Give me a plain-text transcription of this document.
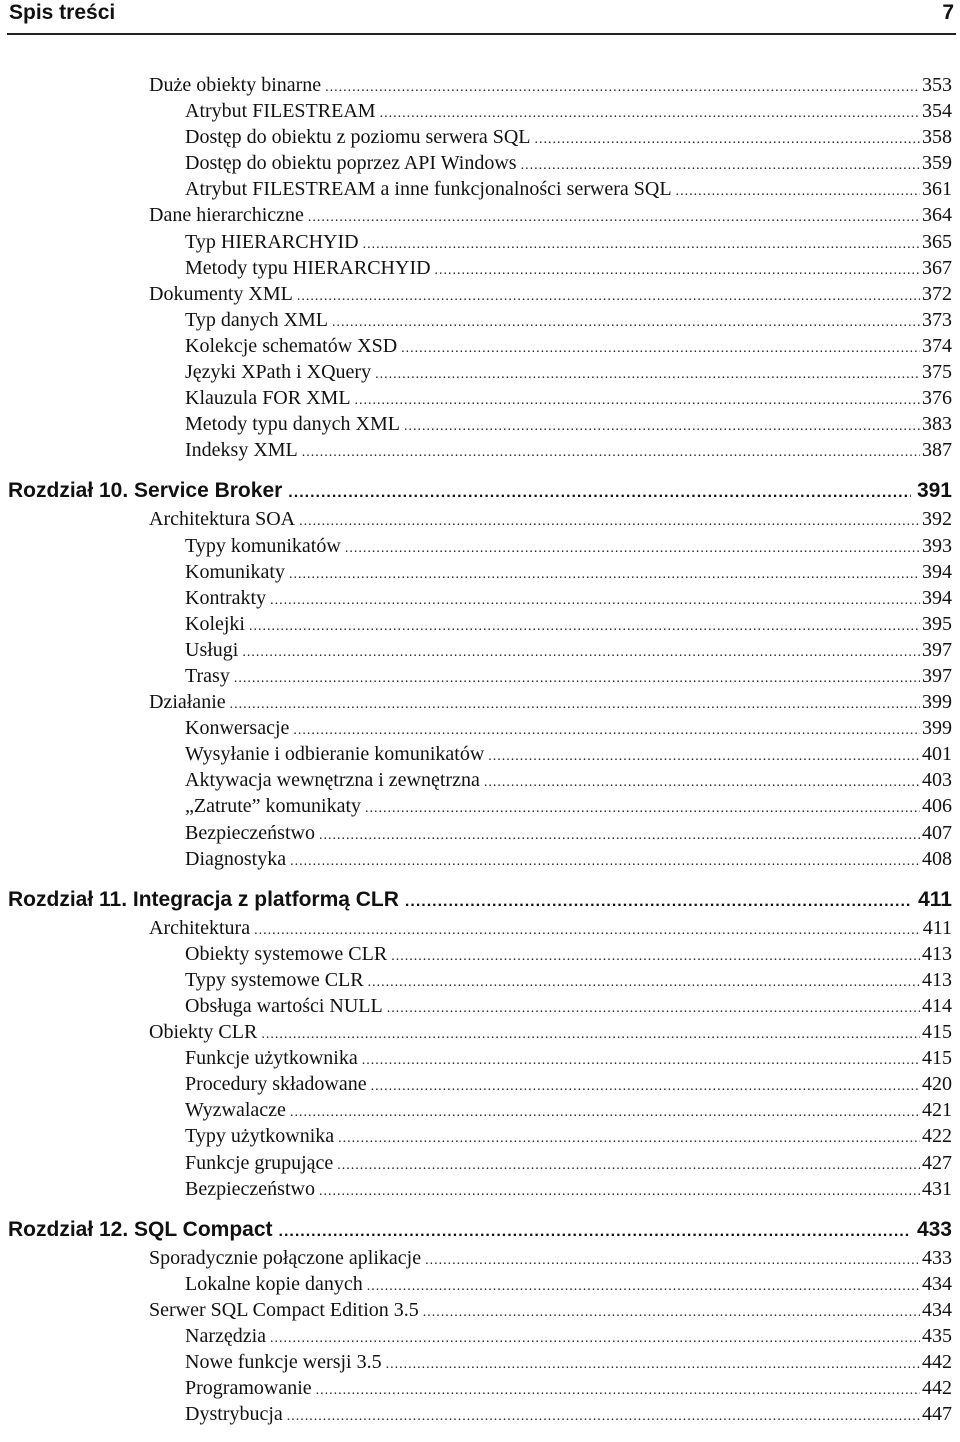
Spis treści	7
Duże obiekty binarne .....	353
Atrybut FILESTREAM .....	354
Dostęp do obiektu z poziomu serwera SQL .....	358
Dostęp do obiektu poprzez API Windows .....	359
Atrybut FILESTREAM a inne funkcjonalności serwera SQL .....	361
Dane hierarchiczne .....	364
Typ HIERARCHYID .....	365
Metody typu HIERARCHYID .....	367
Dokumenty XML .....	372
Typ danych XML .....	373
Kolekcje schematów XSD .....	374
Języki XPath i XQuery .....	375
Klauzula FOR XML .....	376
Metody typu danych XML .....	383
Indeksy XML .....	387
Rozdział 10. Service Broker .....	391
Architektura SOA .....	392
Typy komunikatów .....	393
Komunikaty .....	394
Kontrakty .....	394
Kolejki .....	395
Usługi .....	397
Trasy .....	397
Działanie .....	399
Konwersacje .....	399
Wysyłanie i odbieranie komunikatów .....	401
Aktywacja wewnętrzna i zewnętrzna .....	403
„Zatrute” komunikaty .....	406
Bezpieczeństwo .....	407
Diagnostyka .....	408
Rozdział 11. Integracja z platformą CLR .....	411
Architektura .....	411
Obiekty systemowe CLR .....	413
Typy systemowe CLR .....	413
Obsługa wartości NULL .....	414
Obiekty CLR .....	415
Funkcje użytkownika .....	415
Procedury składowane .....	420
Wyzwalacze .....	421
Typy użytkownika .....	422
Funkcje grupujące .....	427
Bezpieczeństwo .....	431
Rozdział 12. SQL Compact .....	433
Sporadycznie połączone aplikacje .....	433
Lokalne kopie danych .....	434
Serwer SQL Compact Edition 3.5 .....	434
Narzędzia .....	435
Nowe funkcje wersji 3.5 .....	442
Programowanie .....	442
Dystrybucja .....	447
